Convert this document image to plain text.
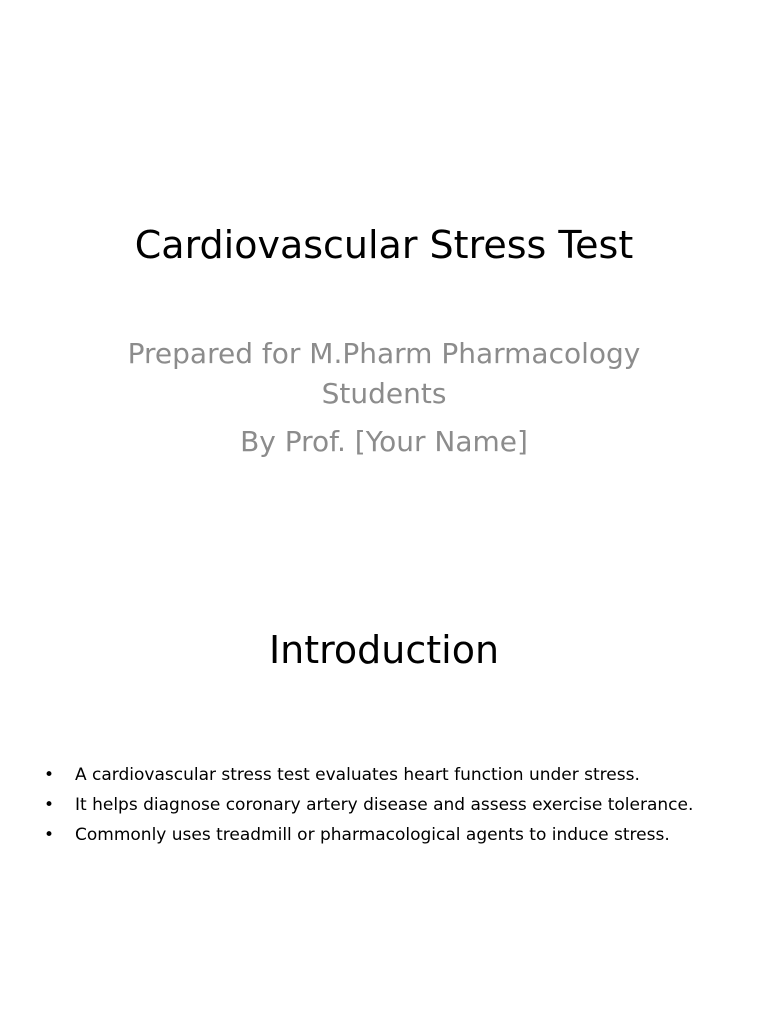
Cardiovascular Stress Test
Prepared for M.Pharm Pharmacology
Students
By Prof. [Your Name]
Introduction
• A cardiovascular stress test evaluates heart function under stress.
• It helps diagnose coronary artery disease and assess exercise tolerance.
• Commonly uses treadmill or pharmacological agents to induce stress.
